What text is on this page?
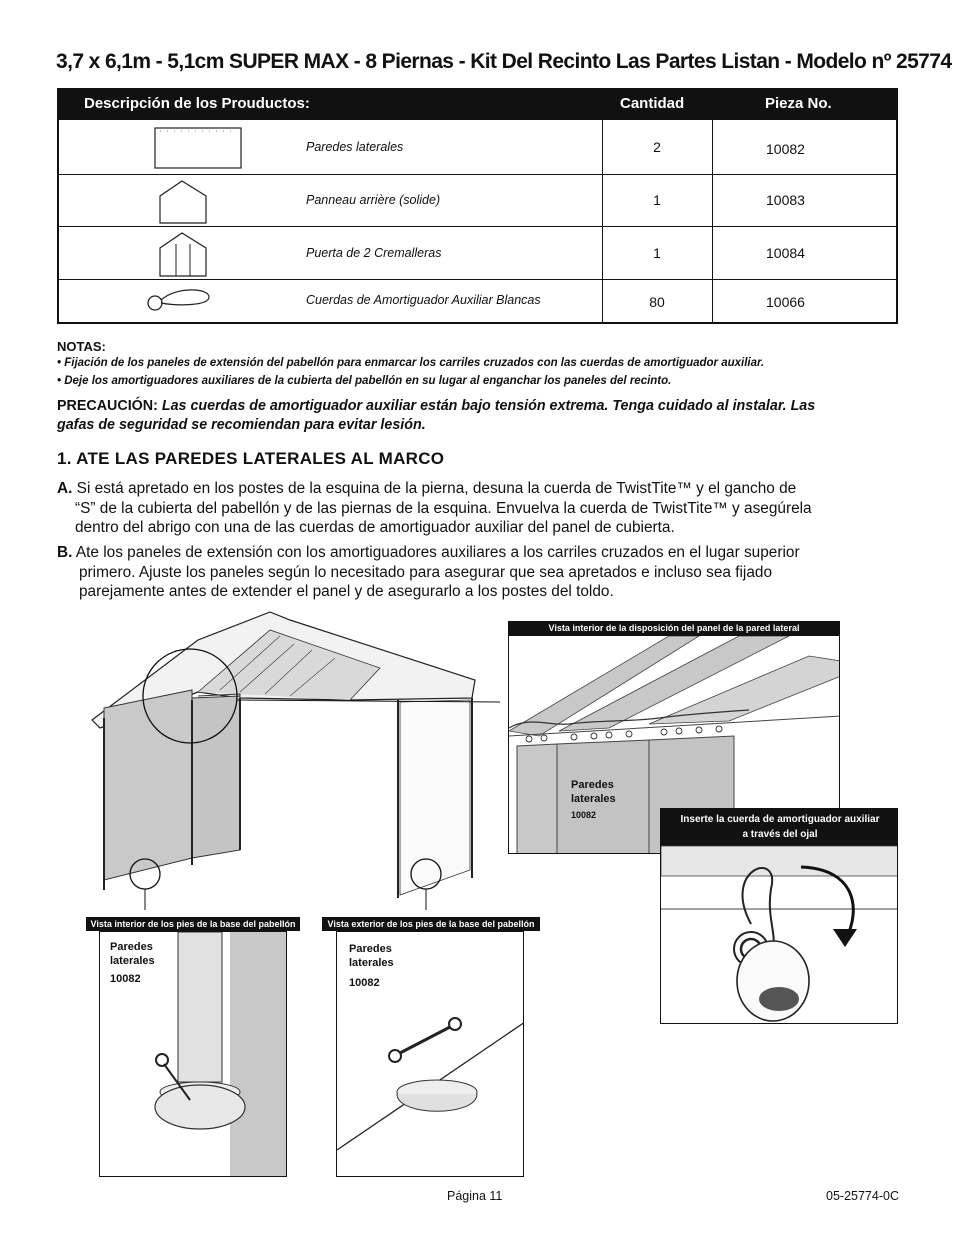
3,7 x 6,1m - 5,1cm SUPER MAX - 8 Piernas - Kit Del Recinto Las Partes Listan - Modelo nº 25774
Descripción de los Prouductos:	Cantidad	Pieza No.
Paredes laterales	2	10082
Panneau arrière (solide)	1	10083
Puerta de 2 Cremalleras	1	10084
Cuerdas de Amortiguador Auxiliar Blancas	80	10066
NOTAS:
• Fijación de los paneles de extensión del pabellón para enmarcar los carriles cruzados con las cuerdas de amortiguador auxiliar.
• Deje los amortiguadores auxiliares de la cubierta del pabellón en su lugar al enganchar los paneles del recinto.
PRECAUCIÓN: Las cuerdas de amortiguador auxiliar están bajo tensión extrema. Tenga cuidado al instalar. Las
gafas de seguridad se recomiendan para evitar lesión.
1. ATE LAS PAREDES LATERALES AL MARCO
A. Si está apretado en los postes de la esquina de la pierna, desuna la cuerda de TwistTite™ y el gancho de
“S” de la cubierta del pabellón y de las piernas de la esquina. Envuelva la cuerda de TwistTite™ y asegúrela
dentro del abrigo con una de las cuerdas de amortiguador auxiliar del panel de cubierta.
B. Ate los paneles de extensión con los amortiguadores auxiliares a los carriles cruzados en el lugar superior
primero. Ajuste los paneles según lo necesitado para asegurar que sea apretados e incluso sea fijado
parejamente antes de extender el panel y de asegurarlo a los postes del toldo.
Vista interior de la disposición del panel de la pared lateral
Paredes
laterales
10082	Inserte la cuerda de amortiguador auxiliar
a través del ojal
Vista interior de los pies de la base del pabellón
Paredes
laterales
10082
Vista exterior de los pies de la base del pabellón
Paredes
laterales
10082
Página 11	05-25774-0C
